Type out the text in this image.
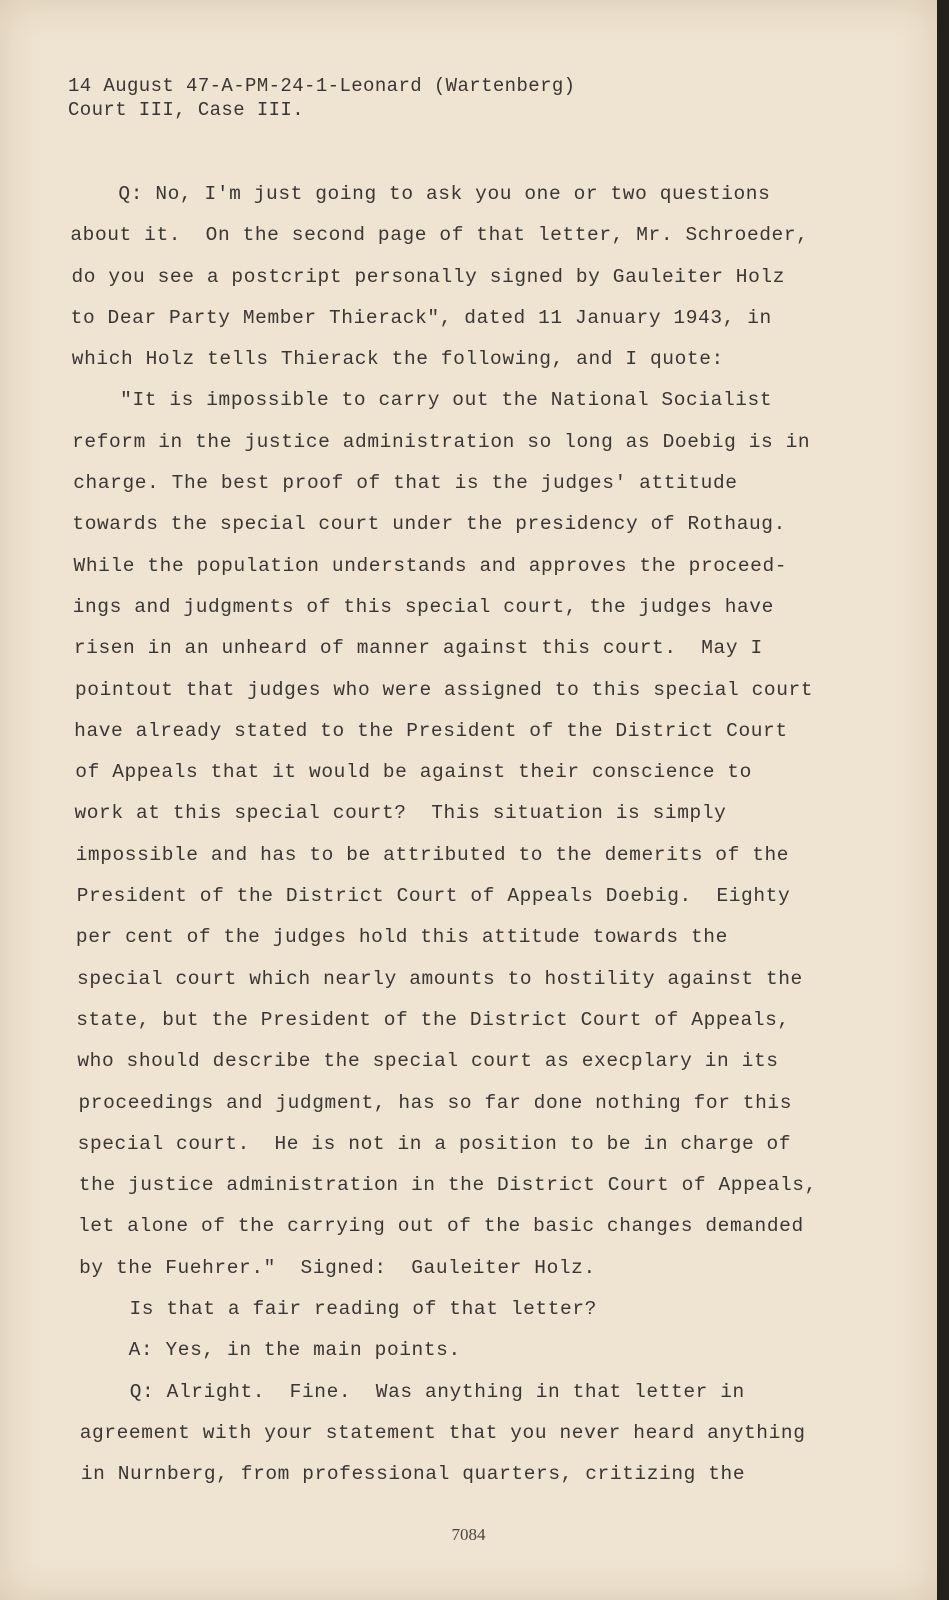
14 August 47-A-PM-24-1-Leonard (Wartenberg)
Court III, Case III.
Q: No, I'm just going to ask you one or two questions
about it.  On the second page of that letter, Mr. Schroeder,
do you see a postcript personally signed by Gauleiter Holz
to Dear Party Member Thierack", dated 11 January 1943, in
which Holz tells Thierack the following, and I quote:
"It is impossible to carry out the National Socialist
reform in the justice administration so long as Doebig is in
charge. The best proof of that is the judges' attitude
towards the special court under the presidency of Rothaug.
While the population understands and approves the proceed-
ings and judgments of this special court, the judges have
risen in an unheard of manner against this court.  May I
pointout that judges who were assigned to this special court
have already stated to the President of the District Court
of Appeals that it would be against their conscience to
work at this special court?  This situation is simply
impossible and has to be attributed to the demerits of the
President of the District Court of Appeals Doebig.  Eighty
per cent of the judges hold this attitude towards the
special court which nearly amounts to hostility against the
state, but the President of the District Court of Appeals,
who should describe the special court as execplary in its
proceedings and judgment, has so far done nothing for this
special court.  He is not in a position to be in charge of
the justice administration in the District Court of Appeals,
let alone of the carrying out of the basic changes demanded
by the Fuehrer."  Signed:  Gauleiter Holz.
Is that a fair reading of that letter?
A: Yes, in the main points.
Q: Alright.  Fine.  Was anything in that letter in
agreement with your statement that you never heard anything
in Nurnberg, from professional quarters, critizing the
7084
